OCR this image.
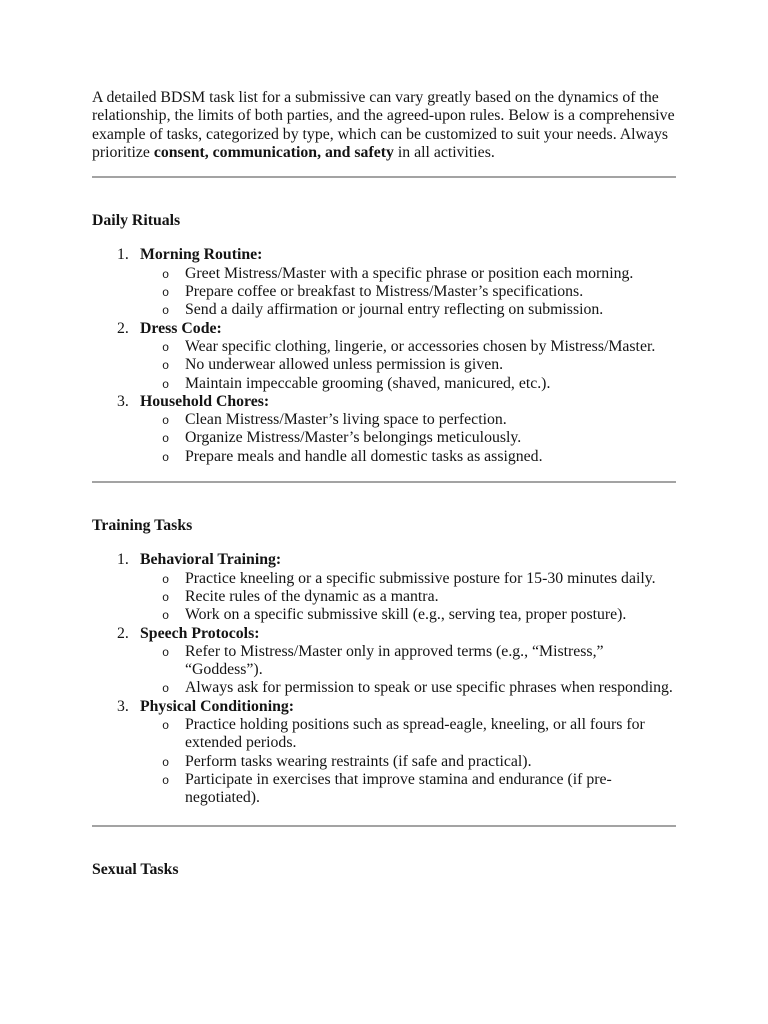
A detailed BDSM task list for a submissive can vary greatly based on the dynamics of the relationship, the limits of both parties, and the agreed-upon rules. Below is a comprehensive example of tasks, categorized by type, which can be customized to suit your needs. Always prioritize consent, communication, and safety in all activities.

Daily Rituals
1. Morning Routine:
o Greet Mistress/Master with a specific phrase or position each morning.
o Prepare coffee or breakfast to Mistress/Master’s specifications.
o Send a daily affirmation or journal entry reflecting on submission.
2. Dress Code:
o Wear specific clothing, lingerie, or accessories chosen by Mistress/Master.
o No underwear allowed unless permission is given.
o Maintain impeccable grooming (shaved, manicured, etc.).
3. Household Chores:
o Clean Mistress/Master’s living space to perfection.
o Organize Mistress/Master’s belongings meticulously.
o Prepare meals and handle all domestic tasks as assigned.
Training Tasks
1. Behavioral Training:
o Practice kneeling or a specific submissive posture for 15-30 minutes daily.
o Recite rules of the dynamic as a mantra.
o Work on a specific submissive skill (e.g., serving tea, proper posture).
2. Speech Protocols:
o Refer to Mistress/Master only in approved terms (e.g., “Mistress,” “Goddess”).
o Always ask for permission to speak or use specific phrases when responding.
3. Physical Conditioning:
o Practice holding positions such as spread-eagle, kneeling, or all fours for extended periods.
o Perform tasks wearing restraints (if safe and practical).
o Participate in exercises that improve stamina and endurance (if pre-negotiated).
Sexual Tasks
